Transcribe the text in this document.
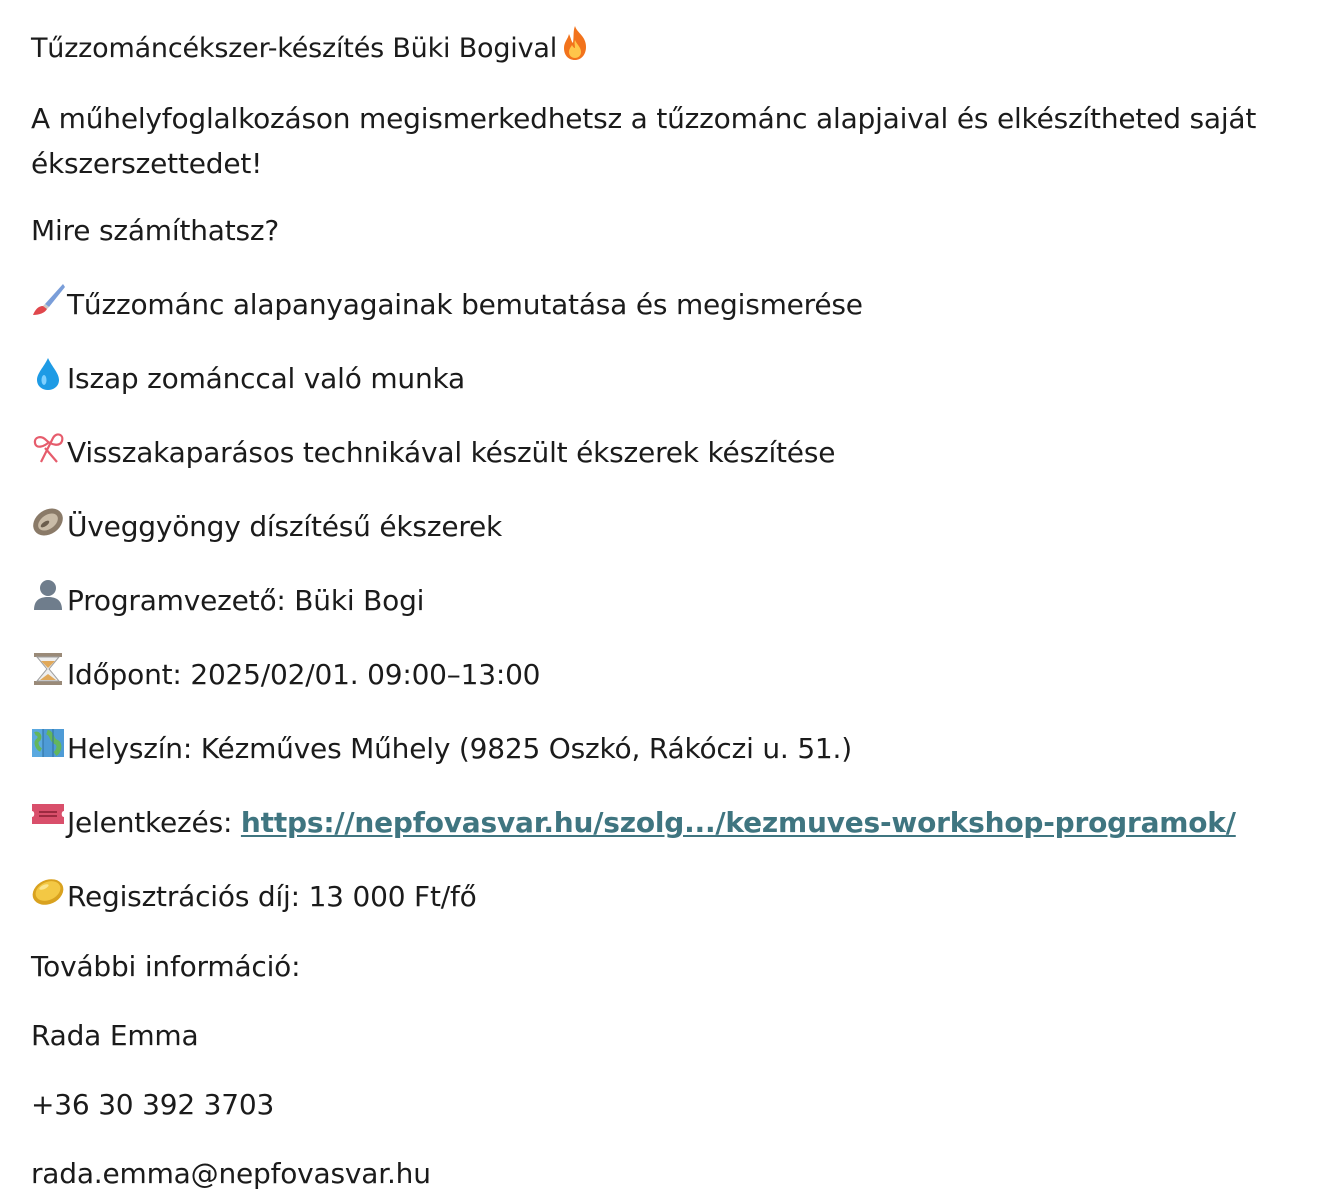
Tűzzománcékszer-készítés Büki Bogival
A műhelyfoglalkozáson megismerkedhetsz a tűzzománc alapjaival és elkészítheted saját ékszerszettedet!
Mire számíthatsz?
Tűzzománc alapanyagainak bemutatása és megismerése
Iszap zománccal való munka
Visszakaparásos technikával készült ékszerek készítése
Üveggyöngy díszítésű ékszerek
Programvezető: Büki Bogi
Időpont: 2025/02/01. 09:00–13:00
Helyszín: Kézműves Műhely (9825 Oszkó, Rákóczi u. 51.)
Jelentkezés: https://nepfovasvar.hu/szolg.../kezmuves-workshop-programok/
Regisztrációs díj: 13 000 Ft/fő
További információ:
Rada Emma
+36 30 392 3703
rada.emma@nepfovasvar.hu
